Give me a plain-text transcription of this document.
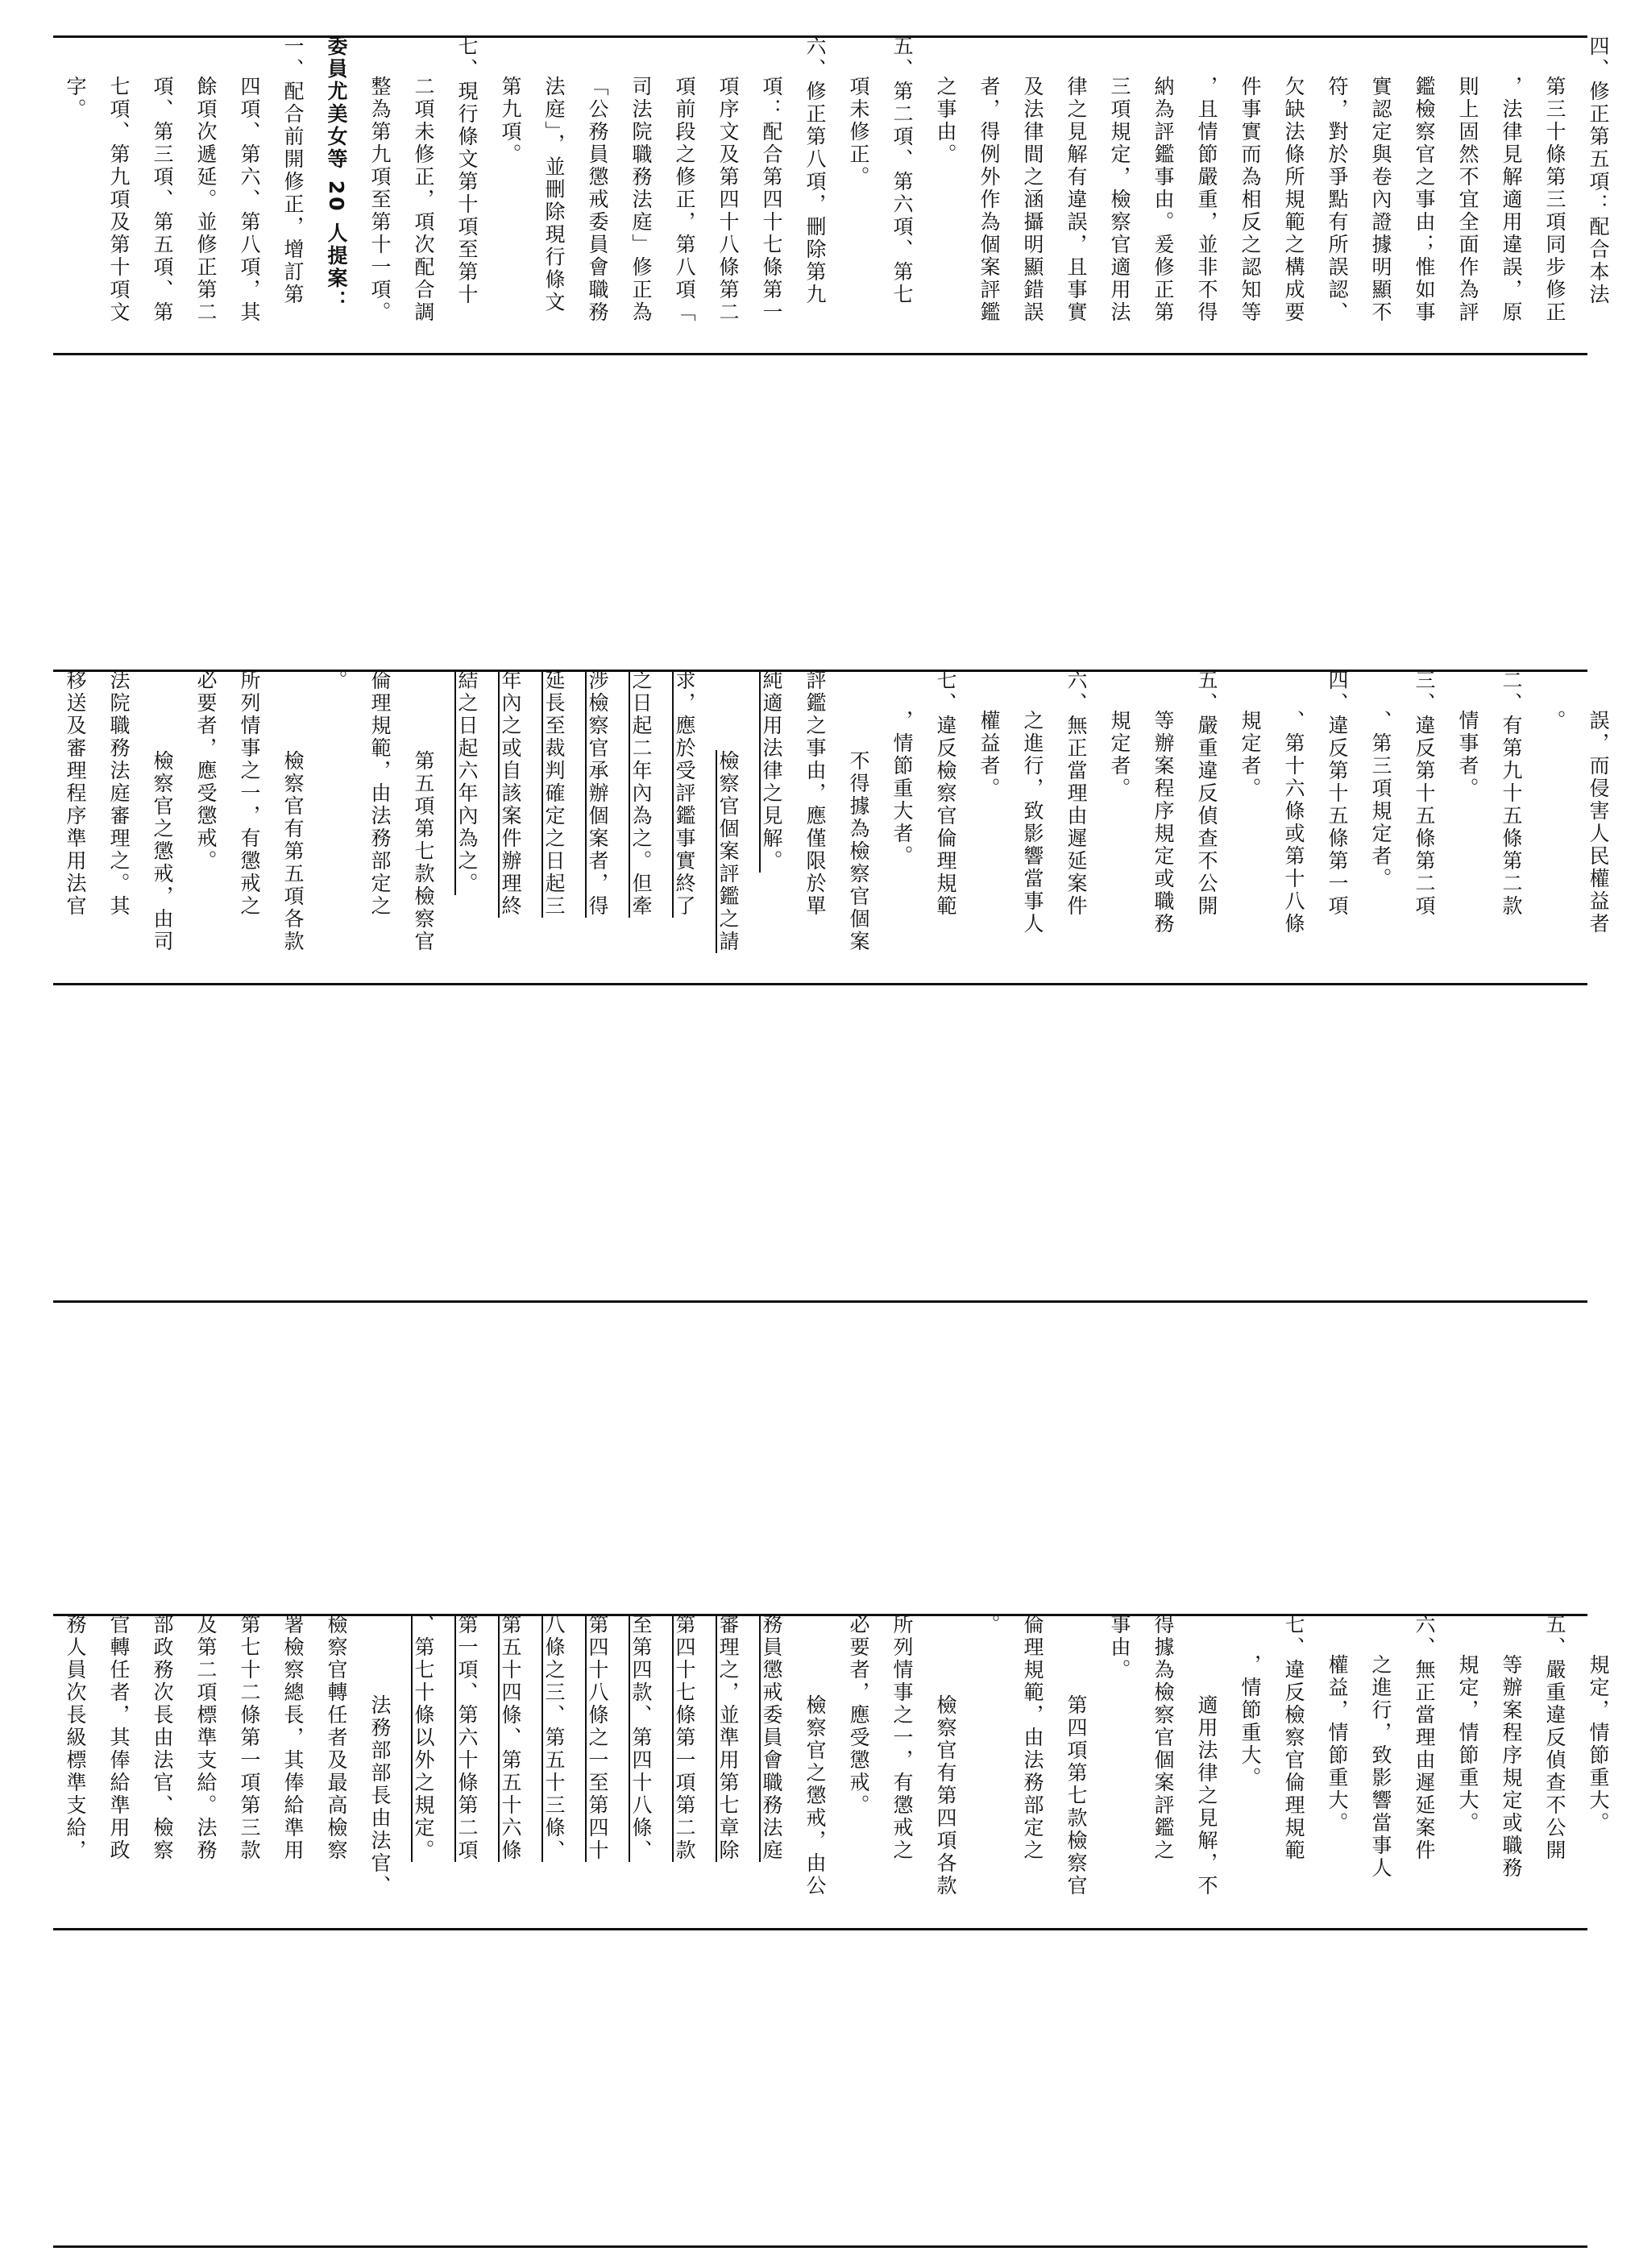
四、修正第五項：配合本法
第三十條第三項同步修正
，法律見解適用違誤，原
則上固然不宜全面作為評
鑑檢察官之事由；惟如事
實認定與卷內證據明顯不
符，對於爭點有所誤認、
欠缺法條所規範之構成要
件事實而為相反之認知等
，且情節嚴重，並非不得
納為評鑑事由。爰修正第
三項規定，檢察官適用法
律之見解有違誤，且事實
及法律間之涵攝明顯錯誤
者，得例外作為個案評鑑
之事由。
五、第二項、第六項、第七
項未修正。
六、修正第八項，刪除第九
項：配合第四十七條第一
項序文及第四十八條第二
項前段之修正，第八項「
司法院職務法庭」修正為
「公務員懲戒委員會職務
法庭」，並刪除現行條文
第九項。
七、現行條文第十項至第十
二項未修正，項次配合調
整為第九項至第十一項。
委員尤美女等 20 人提案：
一、配合前開修正，增訂第
四項、第六、第八項，其
餘項次遞延。並修正第二
項、第三項、第五項、第
七項、第九項及第十項文
字。
誤，而侵害人民權益者
。
二、有第九十五條第二款
情事者。
三、違反第十五條第二項
、第三項規定者。
四、違反第十五條第一項
、第十六條或第十八條
規定者。
五、嚴重違反偵查不公開
等辦案程序規定或職務
規定者。
六、無正當理由遲延案件
之進行，致影響當事人
權益者。
七、違反檢察官倫理規範
，情節重大者。
不得據為檢察官個案
評鑑之事由，應僅限於單
純適用法律之見解。
檢察官個案評鑑之請
求，應於受評鑑事實終了
之日起二年內為之。但牽
涉檢察官承辦個案者，得
延長至裁判確定之日起三
年內之或自該案件辦理終
結之日起六年內為之。
第五項第七款檢察官
倫理規範，由法務部定之
。
檢察官有第五項各款
所列情事之一，有懲戒之
必要者，應受懲戒。
檢察官之懲戒，由司
法院職務法庭審理之。其
移送及審理程序準用法官
規定，情節重大。
五、嚴重違反偵查不公開
等辦案程序規定或職務
規定，情節重大。
六、無正當理由遲延案件
之進行，致影響當事人
權益，情節重大。
七、違反檢察官倫理規範
，情節重大。
適用法律之見解，不
得據為檢察官個案評鑑之
事由。
第四項第七款檢察官
倫理規範，由法務部定之
。
檢察官有第四項各款
所列情事之一，有懲戒之
必要者，應受懲戒。
檢察官之懲戒，由公
務員懲戒委員會職務法庭
審理之，並準用第七章除
第四十七條第一項第二款
至第四款、第四十八條、
第四十八條之一至第四十
八條之三、第五十三條、
第五十四條、第五十六條
第一項、第六十條第二項
、第七十條以外之規定。
法務部部長由法官、
檢察官轉任者及最高檢察
署檢察總長，其俸給準用
第七十二條第一項第三款
及第二項標準支給。法務
部政務次長由法官、檢察
官轉任者，其俸給準用政
務人員次長級標準支給，
